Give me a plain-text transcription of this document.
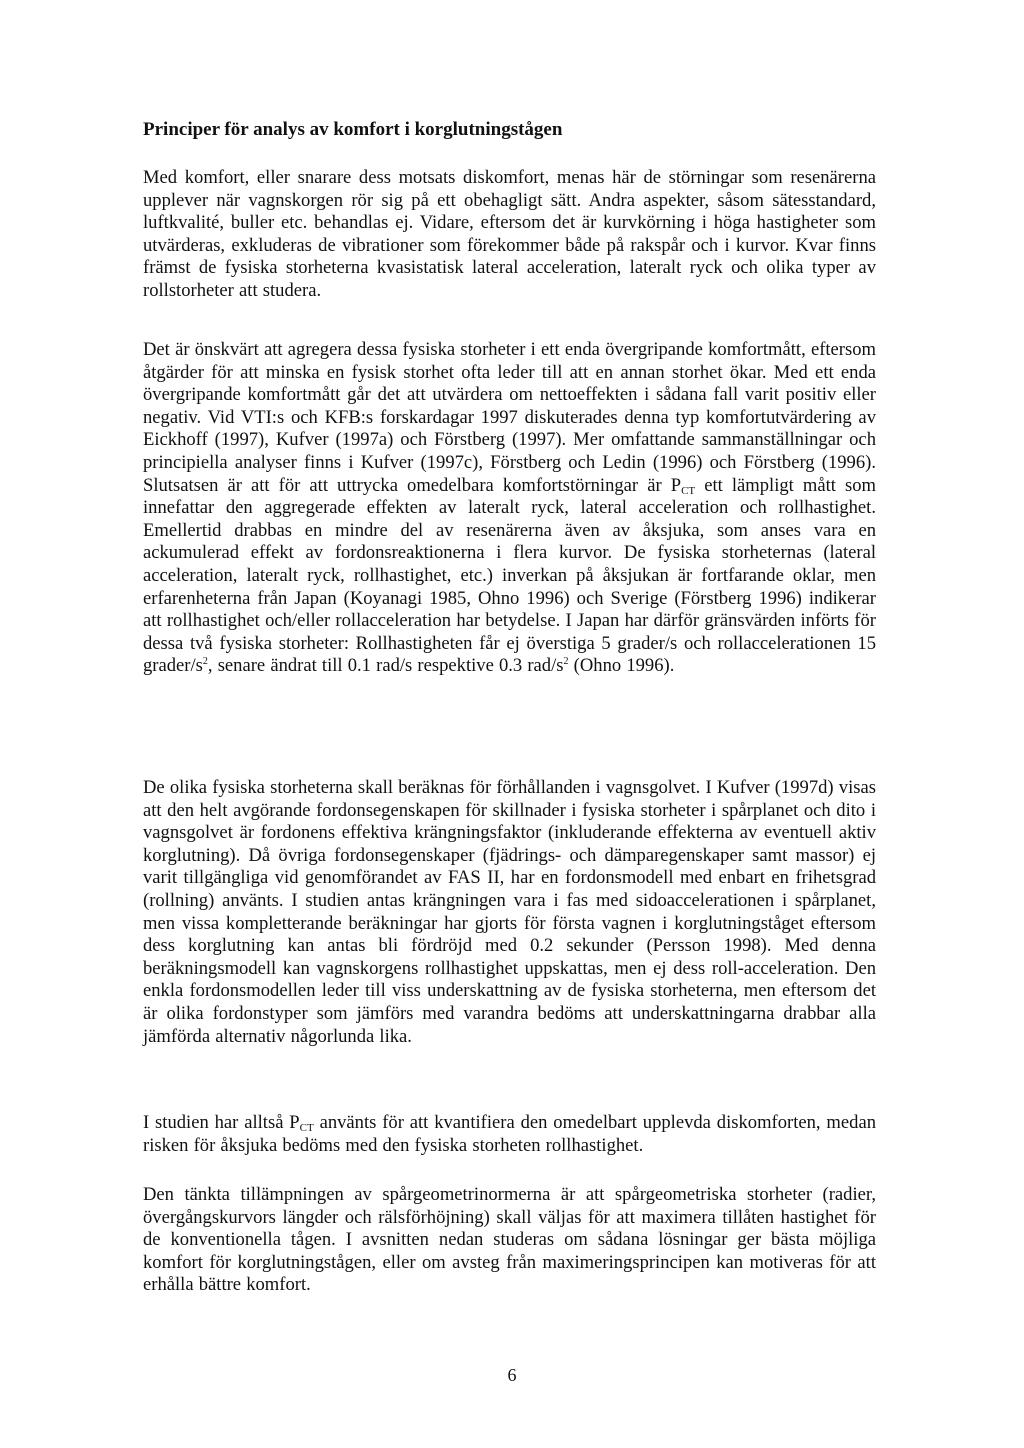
Principer för analys av komfort i korglutningstågen

Med komfort, eller snarare dess motsats diskomfort, menas här de störningar som resenärerna upplever när vagnskorgen rör sig på ett obehagligt sätt. Andra aspekter, såsom sätesstandard, luftkvalité, buller etc. behandlas ej. Vidare, eftersom det är kurvkörning i höga hastigheter som utvärderas, exkluderas de vibrationer som förekommer både på rakspår och i kurvor. Kvar finns främst de fysiska storheterna kvasistatisk lateral acceleration, lateralt ryck och olika typer av rollstorheter att studera.

Det är önskvärt att agregera dessa fysiska storheter i ett enda övergripande komfortmått, eftersom åtgärder för att minska en fysisk storhet ofta leder till att en annan storhet ökar. Med ett enda övergripande komfortmått går det att utvärdera om nettoeffekten i sådana fall varit positiv eller negativ. Vid VTI:s och KFB:s forskardagar 1997 diskuterades denna typ komfortutvärdering av Eickhoff (1997), Kufver (1997a) och Förstberg (1997). Mer omfattande sammanställningar och principiella analyser finns i Kufver (1997c), Förstberg och Ledin (1996) och Förstberg (1996). Slutsatsen är att för att uttrycka omedelbara komfortstörningar är $P_{CT}$ ett lämpligt mått som innefattar den aggregerade effekten av lateralt ryck, lateral acceleration och rollhastighet. Emellertid drabbas en mindre del av resenärerna även av åksjuka, som anses vara en ackumulerad effekt av fordonsreaktionerna i flera kurvor. De fysiska storheternas (lateral acceleration, lateralt ryck, rollhastighet, etc.) inverkan på åksjukan är fortfarande oklar, men erfarenheterna från Japan (Koyanagi 1985, Ohno 1996) och Sverige (Förstberg 1996) indikerar att rollhastighet och/eller rollacceleration har betydelse. I Japan har därför gränsvärden införts för dessa två fysiska storheter: Rollhastigheten får ej överstiga 5 grader/s och rollaccelerationen 15 grader/$s^2$, senare ändrat till 0.1 rad/s respektive 0.3 rad/$s^2$ (Ohno 1996).

De olika fysiska storheterna skall beräknas för förhållanden i vagnsgolvet. I Kufver (1997d) visas att den helt avgörande fordonsegenskapen för skillnader i fysiska storheter i spårplanet och dito i vagnsgolvet är fordonens effektiva krängningsfaktor (inkluderande effekterna av eventuell aktiv korglutning). Då övriga fordonsegenskaper (fjädrings- och dämparegenskaper samt massor) ej varit tillgängliga vid genomförandet av FAS II, har en fordonsmodell med enbart en frihetsgrad (rollning) använts. I studien antas krängningen vara i fas med sidoaccelerationen i spårplanet, men vissa kompletterande beräkningar har gjorts för första vagnen i korglutningståget eftersom dess korglutning kan antas bli fördröjd med 0.2 sekunder (Persson 1998). Med denna beräkningsmodell kan vagnskorgens rollhastighet uppskattas, men ej dess roll-acceleration. Den enkla fordonsmodellen leder till viss underskattning av de fysiska storheterna, men eftersom det är olika fordonstyper som jämförs med varandra bedöms att underskattningarna drabbar alla jämförda alternativ någorlunda lika.

I studien har alltså $P_{CT}$ använts för att kvantifiera den omedelbart upplevda diskomforten, medan risken för åksjuka bedöms med den fysiska storheten rollhastighet.

Den tänkta tillämpningen av spårgeometrinormerna är att spårgeometriska storheter (radier, övergångskurvors längder och rälsförhöjning) skall väljas för att maximera tillåten hastighet för de konventionella tågen. I avsnitten nedan studeras om sådana lösningar ger bästa möjliga komfort för korglutningstågen, eller om avsteg från maximeringsprincipen kan motiveras för att erhålla bättre komfort.

6
